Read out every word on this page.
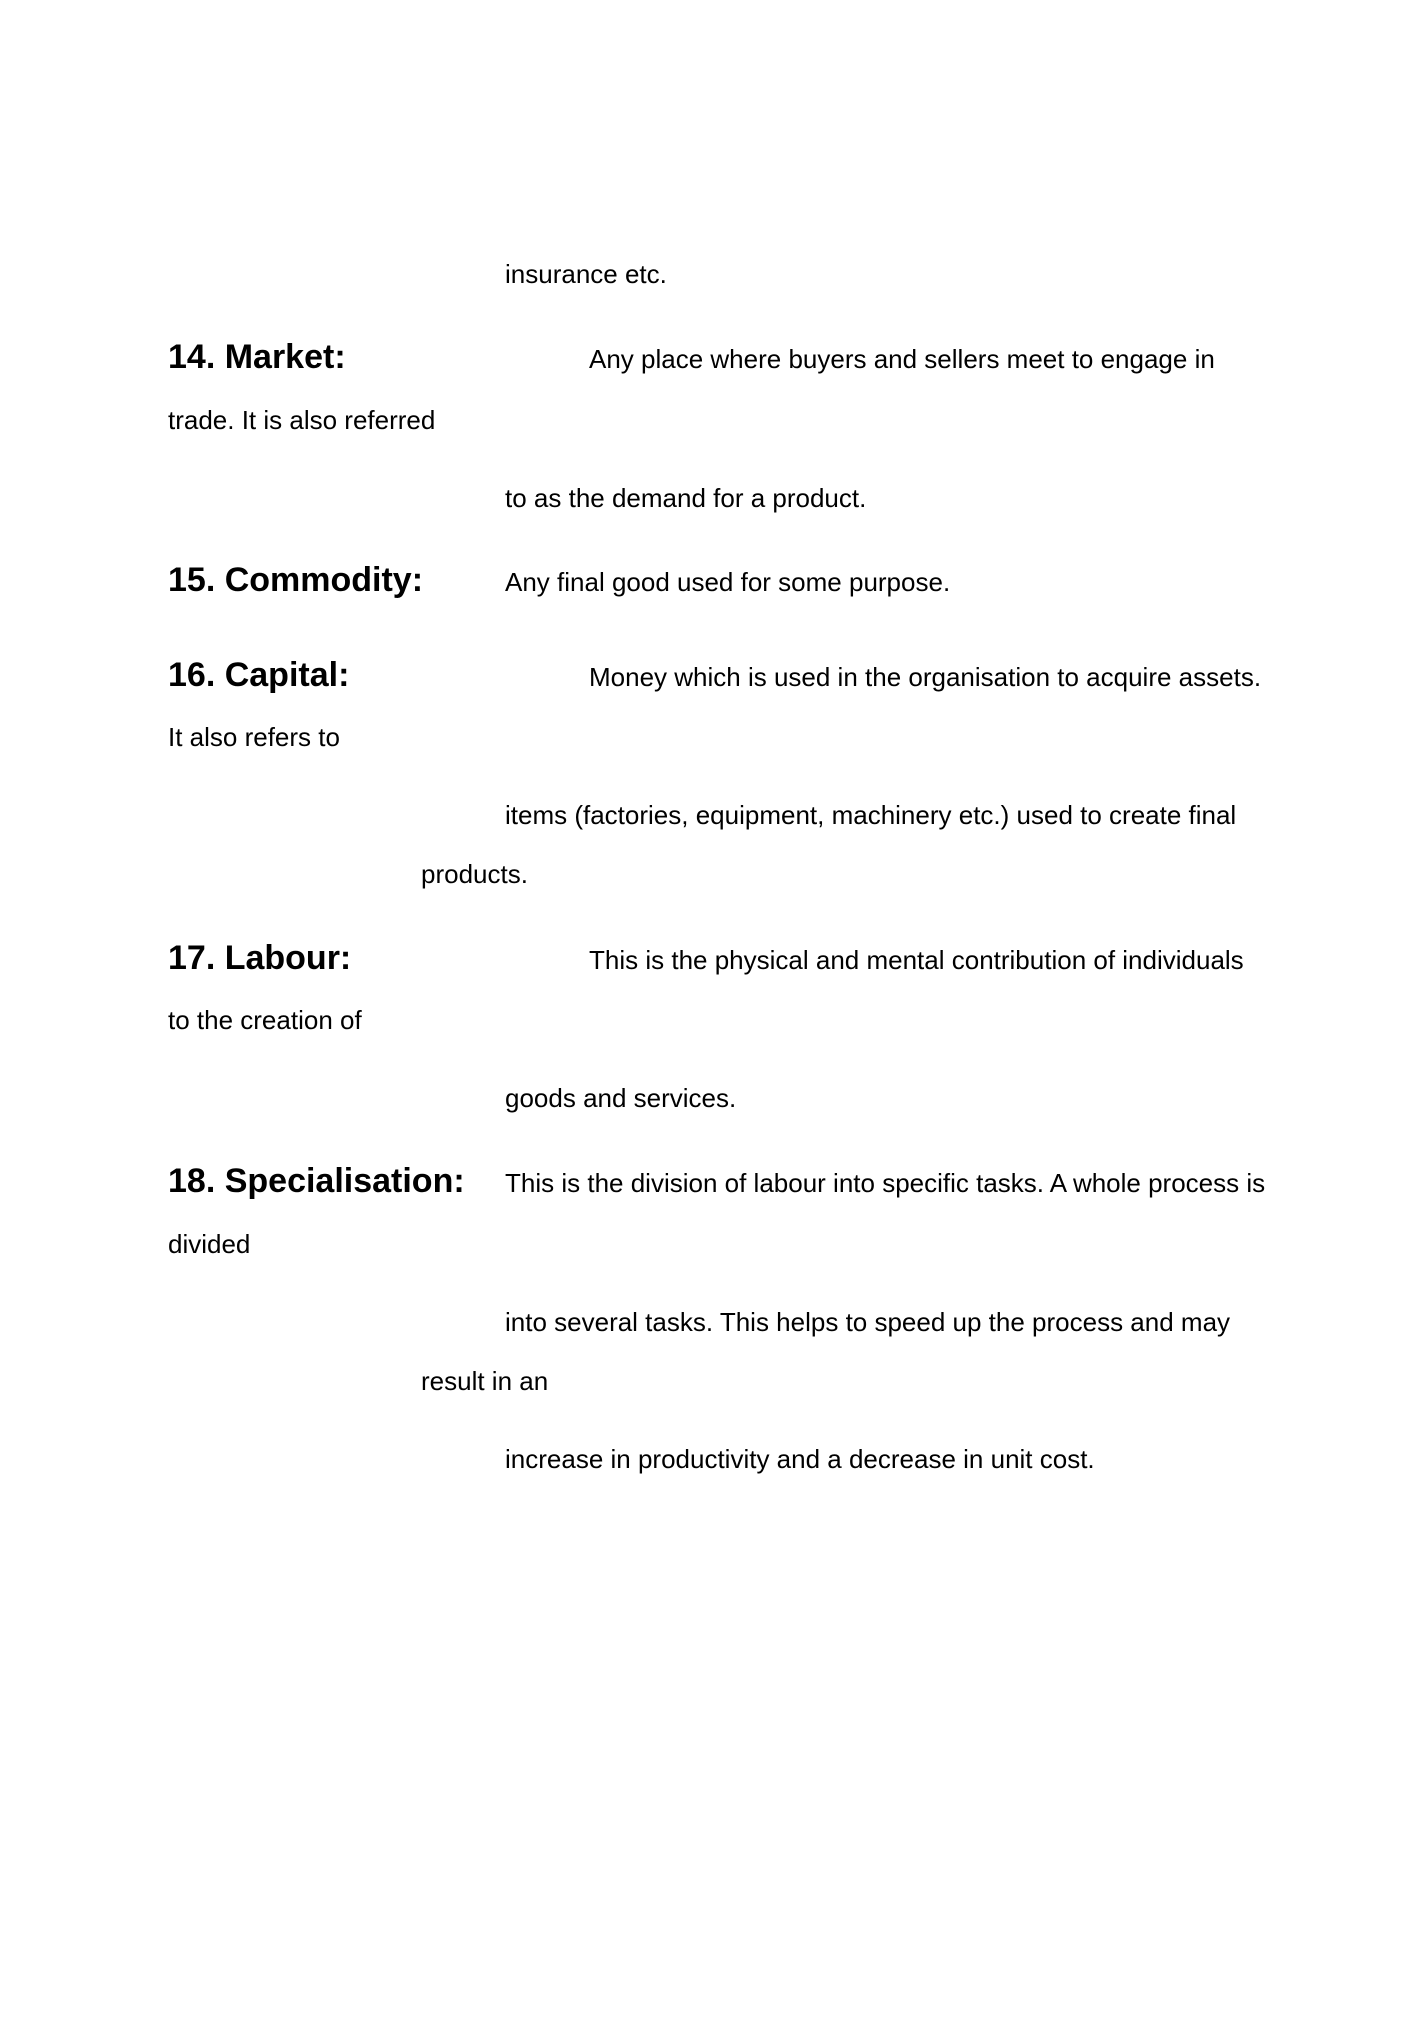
insurance etc.
14. Market:	Any place where buyers and sellers meet to engage in
trade. It is also referred
to as the demand for a product.
15. Commodity:	Any final good used for some purpose.
16. Capital:	Money which is used in the organisation to acquire assets.
It also refers to
items (factories, equipment, machinery etc.) used to create final
products.
17. Labour:	This is the physical and mental contribution of individuals
to the creation of
goods and services.
18. Specialisation: This is the division of labour into specific tasks. A whole process is
divided
into several tasks. This helps to speed up the process and may
result in an
increase in productivity and a decrease in unit cost.
